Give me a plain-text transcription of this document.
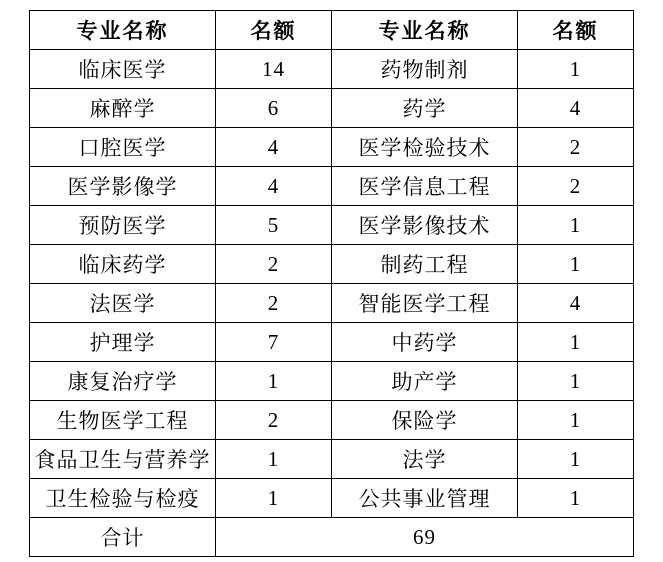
专业名称	名额	专业名称	名额
临床医学	14	药物制剂	1
麻醉学	6	药学	4
口腔医学	4	医学检验技术	2
医学影像学	4	医学信息工程	2
预防医学	5	医学影像技术	1
临床药学	2	制药工程	1
法医学	2	智能医学工程	4
护理学	7	中药学	1
康复治疗学	1	助产学	1
生物医学工程	2	保险学	1
食品卫生与营养学	1	法学	1
卫生检验与检疫	1	公共事业管理	1
合计	69		
